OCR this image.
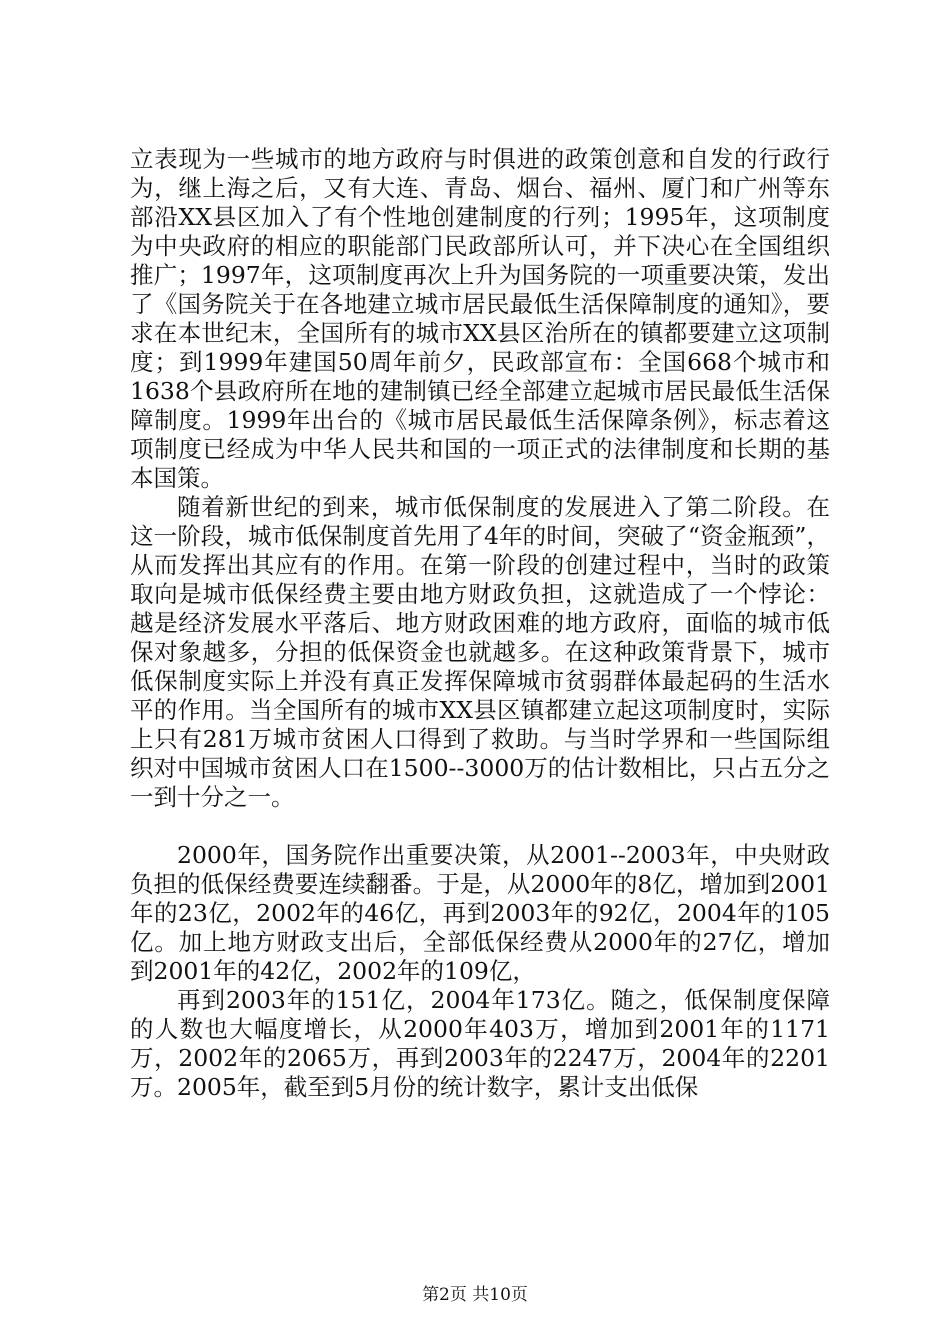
立表现为一些城市的地方政府与时俱进的政策创意和自发的行政行为，继上海之后，又有大连、青岛、烟台、福州、厦门和广州等东部沿XX县区加入了有个性地创建制度的行列；1995年，这项制度为中央政府的相应的职能部门民政部所认可，并下决心在全国组织推广；1997年，这项制度再次上升为国务院的一项重要决策，发出了《国务院关于在各地建立城市居民最低生活保障制度的通知》，要求在本世纪末，全国所有的城市XX县区治所在的镇都要建立这项制度；到1999年建国50周年前夕，民政部宣布：全国668个城市和1638个县政府所在地的建制镇已经全部建立起城市居民最低生活保障制度。1999年出台的《城市居民最低生活保障条例》，标志着这项制度已经成为中华人民共和国的一项正式的法律制度和长期的基本国策。

随着新世纪的到来，城市低保制度的发展进入了第二阶段。在这一阶段，城市低保制度首先用了4年的时间，突破了“资金瓶颈”，从而发挥出其应有的作用。在第一阶段的创建过程中，当时的政策取向是城市低保经费主要由地方财政负担，这就造成了一个悖论：越是经济发展水平落后、地方财政困难的地方政府，面临的城市低保对象越多，分担的低保资金也就越多。在这种政策背景下，城市低保制度实际上并没有真正发挥保障城市贫弱群体最起码的生活水平的作用。当全国所有的城市XX县区镇都建立起这项制度时，实际上只有281万城市贫困人口得到了救助。与当时学界和一些国际组织对中国城市贫困人口在1500--3000万的估计数相比，只占五分之一到十分之一。

2000年，国务院作出重要决策，从2001--2003年，中央财政负担的低保经费要连续翻番。于是，从2000年的8亿，增加到2001年的23亿，2002年的46亿，再到2003年的92亿，2004年的105亿。加上地方财政支出后，全部低保经费从2000年的27亿，增加到2001年的42亿，2002年的109亿，

再到2003年的151亿，2004年173亿。随之，低保制度保障的人数也大幅度增长，从2000年403万，增加到2001年的1171万，2002年的2065万，再到2003年的2247万，2004年的2201万。2005年，截至到5月份的统计数字，累计支出低保

第2页 共10页
